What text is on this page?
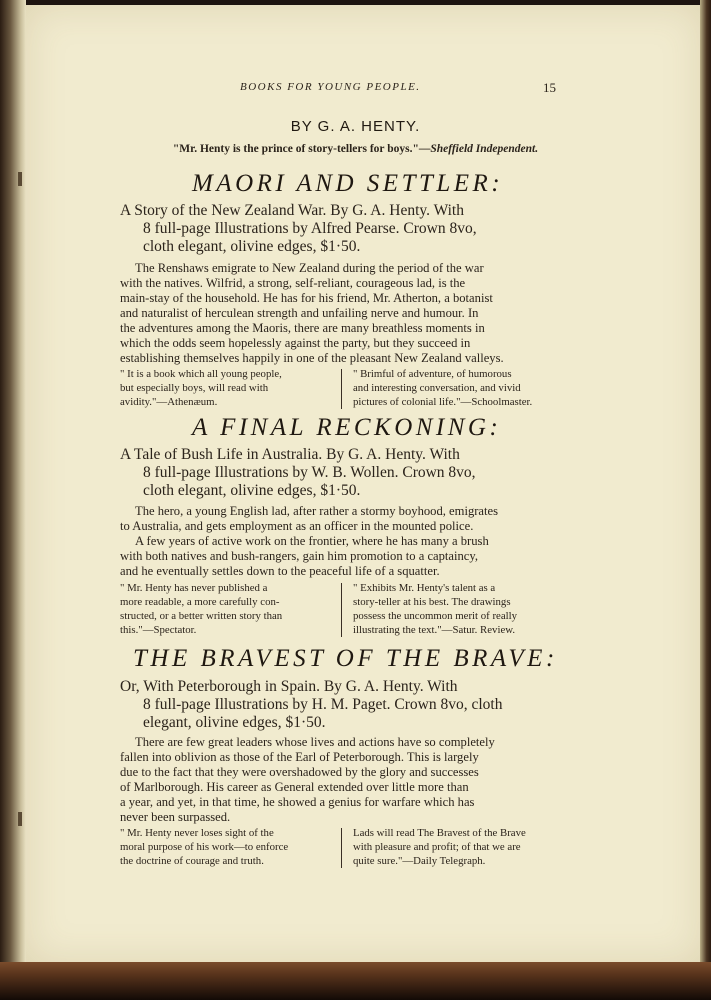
BOOKS FOR YOUNG PEOPLE.	15
BY G. A. HENTY.
"Mr. Henty is the prince of story-tellers for boys."—Sheffield Independent.
MAORI AND SETTLER:
A Story of the New Zealand War. By G. A. Henty. With
8 full-page Illustrations by Alfred Pearse. Crown 8vo,
cloth elegant, olivine edges, $1·50.
The Renshaws emigrate to New Zealand during the period of the war
with the natives. Wilfrid, a strong, self-reliant, courageous lad, is the
main-stay of the household. He has for his friend, Mr. Atherton, a botanist
and naturalist of herculean strength and unfailing nerve and humour. In
the adventures among the Maoris, there are many breathless moments in
which the odds seem hopelessly against the party, but they succeed in
establishing themselves happily in one of the pleasant New Zealand valleys.
" It is a book which all young people,
but especially boys, will read with
avidity."—Athenæum.
" Brimful of adventure, of humorous
and interesting conversation, and vivid
pictures of colonial life."—Schoolmaster.
A FINAL RECKONING:
A Tale of Bush Life in Australia. By G. A. Henty. With
8 full-page Illustrations by W. B. Wollen. Crown 8vo,
cloth elegant, olivine edges, $1·50.
The hero, a young English lad, after rather a stormy boyhood, emigrates
to Australia, and gets employment as an officer in the mounted police.
A few years of active work on the frontier, where he has many a brush
with both natives and bush-rangers, gain him promotion to a captaincy,
and he eventually settles down to the peaceful life of a squatter.
" Mr. Henty has never published a
more readable, a more carefully con-
structed, or a better written story than
this."—Spectator.
" Exhibits Mr. Henty's talent as a
story-teller at his best. The drawings
possess the uncommon merit of really
illustrating the text."—Satur. Review.
THE BRAVEST OF THE BRAVE:
Or, With Peterborough in Spain. By G. A. Henty. With
8 full-page Illustrations by H. M. Paget. Crown 8vo, cloth
elegant, olivine edges, $1·50.
There are few great leaders whose lives and actions have so completely
fallen into oblivion as those of the Earl of Peterborough. This is largely
due to the fact that they were overshadowed by the glory and successes
of Marlborough. His career as General extended over little more than
a year, and yet, in that time, he showed a genius for warfare which has
never been surpassed.
" Mr. Henty never loses sight of the
moral purpose of his work—to enforce
the doctrine of courage and truth.
Lads will read The Bravest of the Brave
with pleasure and profit; of that we are
quite sure."—Daily Telegraph.
